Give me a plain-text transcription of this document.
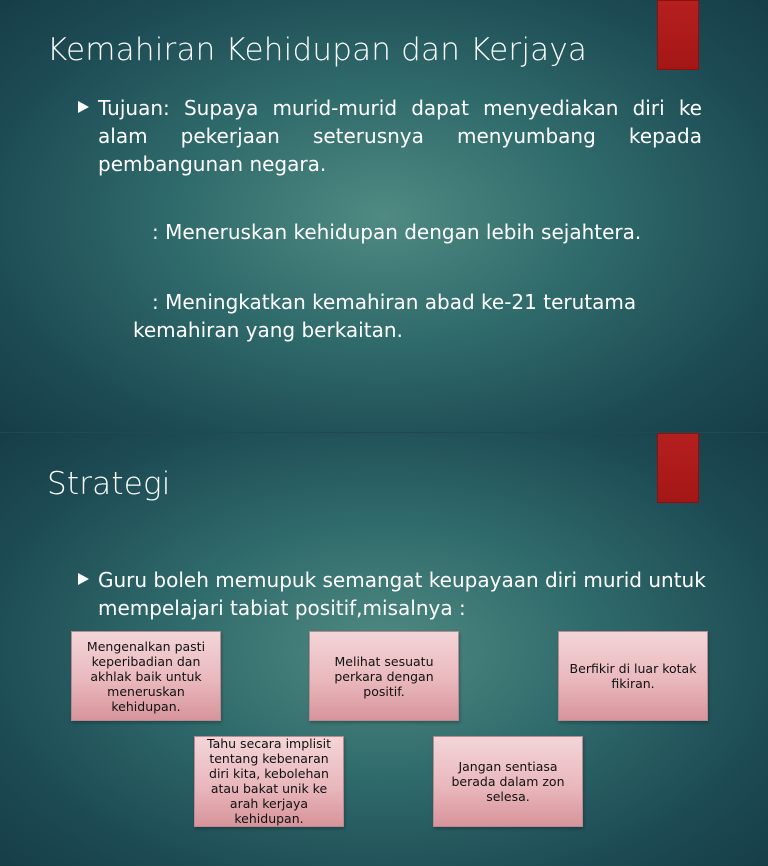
Kemahiran Kehidupan dan Kerjaya
Tujuan: Supaya murid-murid dapat menyediakan diri ke alam pekerjaan seterusnya menyumbang kepada pembangunan negara.
: Meneruskan kehidupan dengan lebih sejahtera.
: Meningkatkan kemahiran abad ke-21 terutama
kemahiran yang berkaitan.
Strategi
Guru boleh memupuk semangat keupayaan diri murid untuk mempelajari tabiat positif,misalnya :
Mengenalkan pasti keperibadian dan akhlak baik untuk meneruskan kehidupan.
Melihat sesuatu perkara dengan positif.
Berfikir di luar kotak fikiran.
Tahu secara implisit tentang kebenaran diri kita, kebolehan atau bakat unik ke arah kerjaya kehidupan.
Jangan sentiasa berada dalam zon selesa.
